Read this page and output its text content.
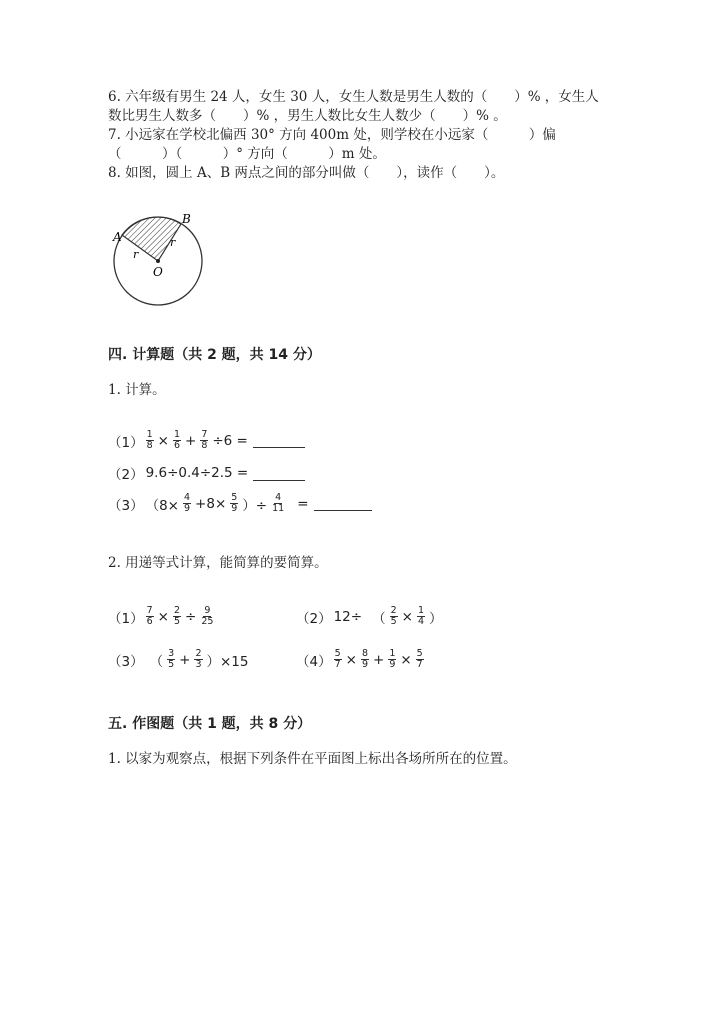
6. 六年级有男生 24 人，女生 30 人，女生人数是男生人数的（　　）% ，女生人
数比男生人数多（　　）% ，男生人数比女生人数少（　　）% 。
7. 小远家在学校北偏西 30° 方向 400m 处，则学校在小远家（　　　）偏
（　　　）（　　　）° 方向（　　　）m 处。
8. 如图，圆上 A、B 两点之间的部分叫做（　　），读作（　　）。
A
B
O
r
r
四. 计算题（共 2 题，共 14 分）
1. 计算。
$(1) \frac{1}{8} \times \frac{1}{6} + \frac{7}{8} \div 6$ =
（2） 9.6÷0.4÷2.5 =
（3） （$8\times \frac{4}{9} +8\times \frac{5}{9}$ ）÷ $\frac{4}{11}$ =
2. 用递等式计算，能简算的要简算。
$(1) \frac{7}{6} \times \frac{2}{5} \div \frac{9}{25}$	（2） 12÷ （ $\frac{2}{5} \times \frac{1}{4}$ ）
（3） （ $\frac{3}{5} + \frac{2}{3} )\times 15$	$(4) \frac{5}{7} \times \frac{8}{9} + \frac{1}{9} \times \frac{5}{7}$
五. 作图题（共 1 题，共 8 分）
1. 以家为观察点，根据下列条件在平面图上标出各场所所在的位置。
